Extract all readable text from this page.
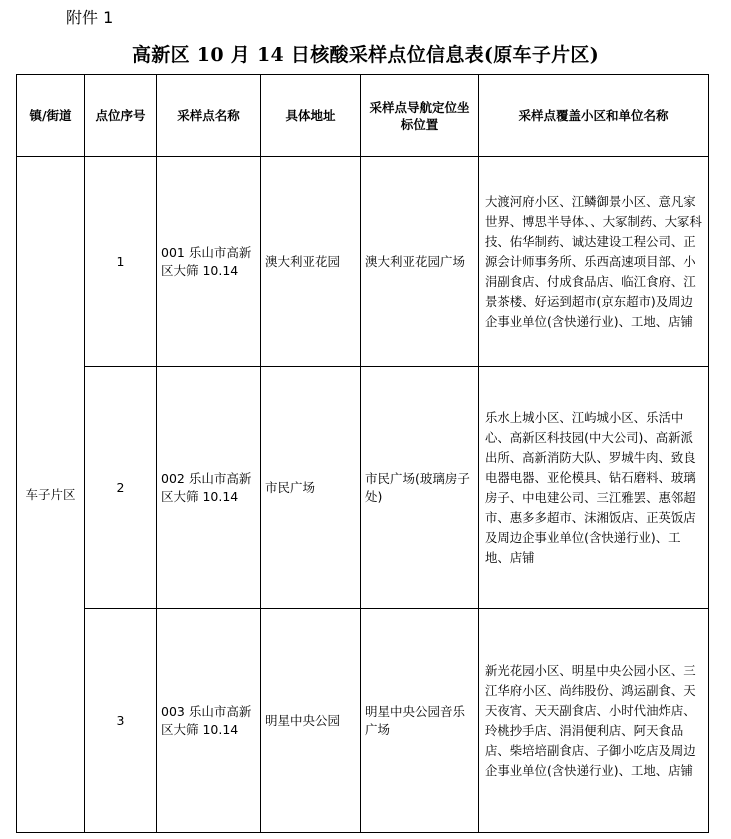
附件 1
高新区 10 月 14 日核酸采样点位信息表(原车子片区)
镇/街道	点位序号	采样点名称	具体地址	采样点导航定位坐标位置	采样点覆盖小区和单位名称
车子片区	1	001 乐山市高新区大筛 10.14	澳大利亚花园	澳大利亚花园广场	大渡河府小区、江鳞御景小区、意凡家世界、博思半导体、、大冢制药、大冢科技、佑华制药、诚达建设工程公司、正源会计师事务所、乐西高速项目部、小涓副食店、付成食品店、临江食府、江景茶楼、好运到超市(京东超市)及周边企事业单位(含快递行业)、工地、店铺
	2	002 乐山市高新区大筛 10.14	市民广场	市民广场(玻璃房子处)	乐水上城小区、江屿城小区、乐活中心、高新区科技园(中大公司)、高新派出所、高新消防大队、罗城牛肉、致良电器电器、亚伦模具、钻石磨料、玻璃房子、中电建公司、三江雅罢、惠邻超市、惠多多超市、沫湘饭店、正英饭店及周边企事业单位(含快递行业)、工地、店铺
	3	003 乐山市高新区大筛 10.14	明星中央公园	明星中央公园音乐广场	新光花园小区、明星中央公园小区、三江华府小区、尚纬股份、鸿运副食、天天夜宵、天天副食店、小时代油炸店、玲桃抄手店、涓涓便利店、阿天食品店、柴培培副食店、子御小吃店及周边企事业单位(含快递行业)、工地、店铺
